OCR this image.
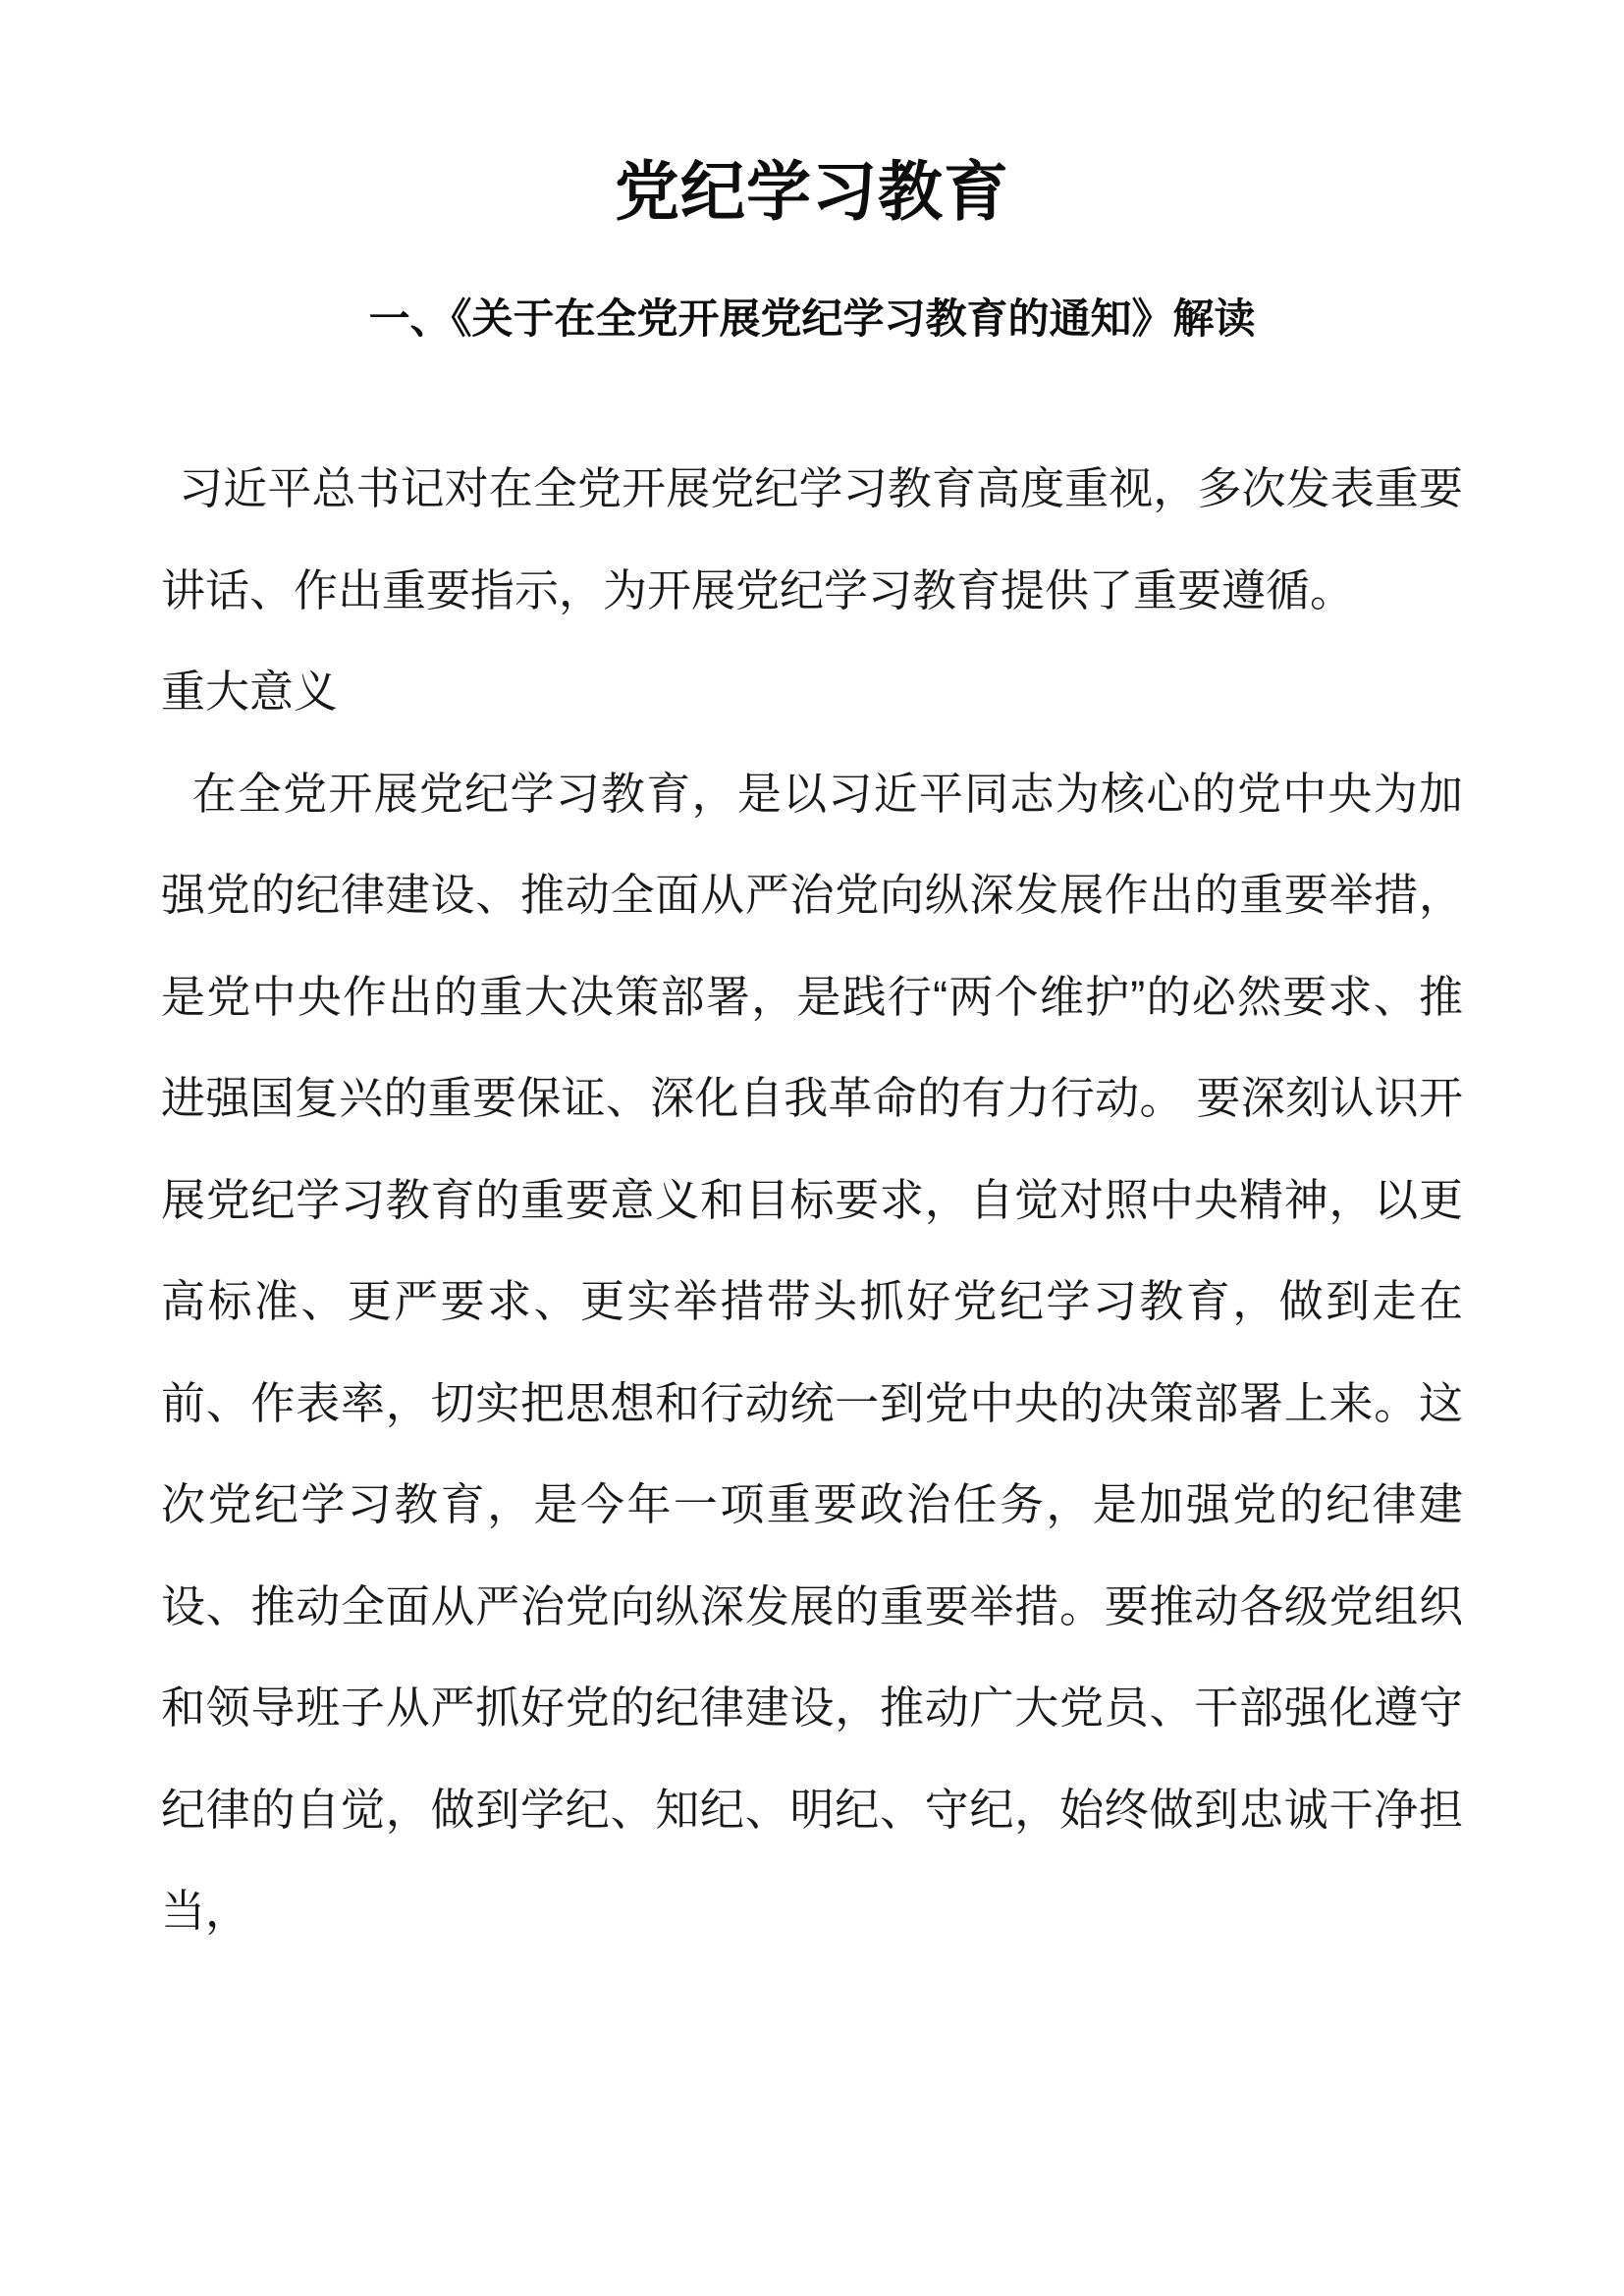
党纪学习教育
一、《关于在全党开展党纪学习教育的通知》解读

习近平总书记对在全党开展党纪学习教育高度重视，多次发表重要讲话、作出重要指示，为开展党纪学习教育提供了重要遵循。

重大意义

在全党开展党纪学习教育，是以习近平同志为核心的党中央为加强党的纪律建设、推动全面从严治党向纵深发展作出的重要举措，是党中央作出的重大决策部署，是践行“两个维护”的必然要求、推进强国复兴的重要保证、深化自我革命的有力行动。 要深刻认识开展党纪学习教育的重要意义和目标要求，自觉对照中央精神，以更高标准、更严要求、更实举措带头抓好党纪学习教育，做到走在前、作表率，切实把思想和行动统一到党中央的决策部署上来。这次党纪学习教育，是今年一项重要政治任务，是加强党的纪律建设、推动全面从严治党向纵深发展的重要举措。要推动各级党组织和领导班子从严抓好党的纪律建设，推动广大党员、干部强化遵守纪律的自觉，做到学纪、知纪、明纪、守纪，始终做到忠诚干净担当，
